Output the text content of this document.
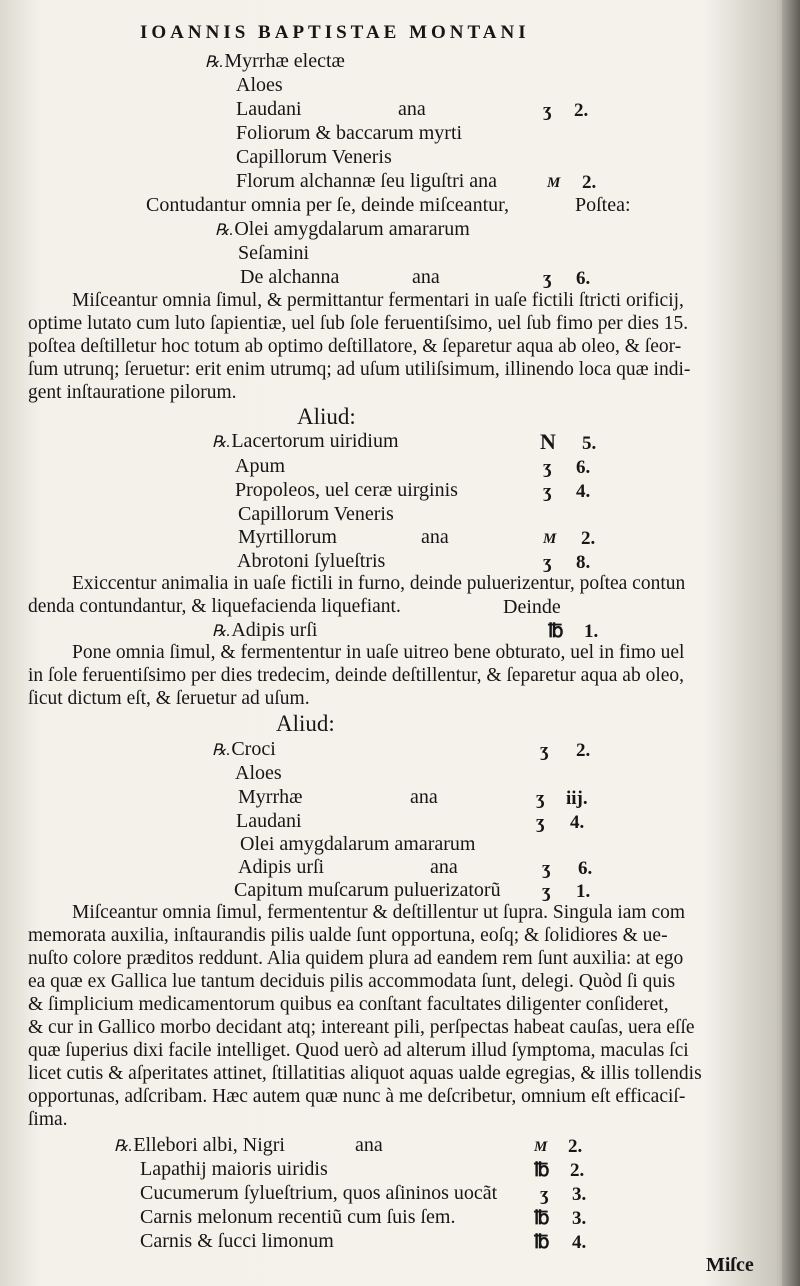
IOANNIS BAPTISTAE MONTANI
℞.Myrrhæ electæ
Aloes
Laudani	ana	ʒ 2.
Foliorum & baccarum myrti
Capillorum Veneris
Florum alchannæ ſeu liguſtri ana	M 2.
Contudantur omnia per ſe, deinde miſceantur,	Poſtea:
℞.Olei amygdalarum amararum
Seſamini
De alchanna	ana	ʒ 6.
Miſceantur omnia ſimul, & permittantur fermentari in uaſe fictili ſtricti orificij,
optime lutato cum luto ſapientiæ, uel ſub ſole feruentiſsimo, uel ſub fimo per dies 15.
poſtea deſtilletur hoc totum ab optimo deſtillatore, & ſeparetur aqua ab oleo, & ſeor-
ſum utrunq; ſeruetur: erit enim utrumq; ad uſum utiliſsimum, illinendo loca quæ indi-
gent inſtauratione pilorum.
Aliud:
℞.Lacertorum uiridium	N 5.
Apum	ʒ 6.
Propoleos, uel ceræ uirginis	ʒ 4.
Capillorum Veneris
Myrtillorum	ana	M 2.
Abrotoni ſylueſtris	ʒ 8.
Exiccentur animalia in uaſe fictili in furno, deinde puluerizentur, poſtea contun
denda contundantur, & liquefacienda liquefiant.	Deinde
℞.Adipis urſi	℔ 1.
Pone omnia ſimul, & fermententur in uaſe uitreo bene obturato, uel in fimo uel
in ſole feruentiſsimo per dies tredecim, deinde deſtillentur, & ſeparetur aqua ab oleo,
ſicut dictum eſt, & ſeruetur ad uſum.
Aliud:
℞.Croci	ʒ 2.
Aloes
Myrrhæ	ana	ʒ iij.
Laudani	ʒ 4.
Olei amygdalarum amararum
Adipis urſi	ana	ʒ 6.
Capitum muſcarum puluerizatorũ ʒ 1.
Miſceantur omnia ſimul, fermententur & deſtillentur ut ſupra. Singula iam com
memorata auxilia, inſtaurandis pilis ualde ſunt opportuna, eoſq; & ſolidiores & ue-
nuſto colore præditos reddunt. Alia quidem plura ad eandem rem ſunt auxilia: at ego
ea quæ ex Gallica lue tantum deciduis pilis accommodata ſunt, delegi. Quòd ſi quis
& ſimplicium medicamentorum quibus ea conſtant facultates diligenter conſideret,
& cur in Gallico morbo decidant atq; intereant pili, perſpectas habeat cauſas, uera eſſe
quæ ſuperius dixi facile intelliget. Quod uerò ad alterum illud ſymptoma, maculas ſci
licet cutis & aſperitates attinet, ſtillatitias aliquot aquas ualde egregias, & illis tollendis
opportunas, adſcribam. Hæc autem quæ nunc à me deſcribetur, omnium eſt efficaciſ-
ſima.
℞.Ellebori albi, Nigri	ana	M 2.
Lapathij maioris uiridis	℔ 2.
Cucumerum ſylueſtrium, quos aſininos uocãt ʒ 3.
Carnis melonum recentiũ cum ſuis ſem.	℔ 3.
Carnis & ſucci limonum	℔ 4.
Miſce
